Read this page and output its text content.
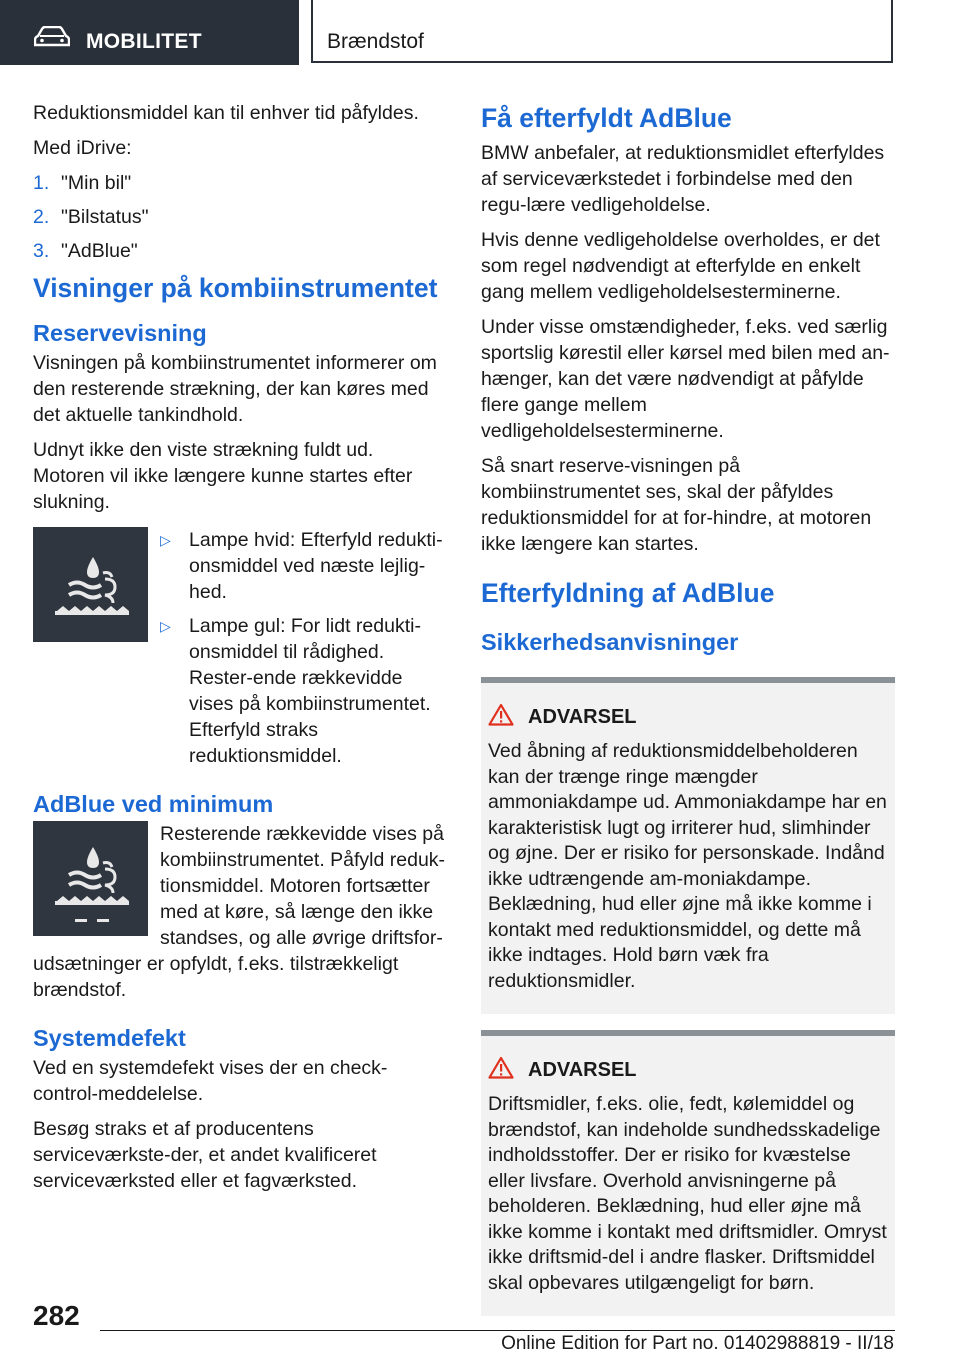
MOBILITET	Brændstof

Reduktionsmiddel kan til enhver tid påfyldes.

Med iDrive:

1. "Min bil"
2. "Bilstatus"
3. "AdBlue"
Visninger på kombiinstrumentet
Reservevisning

Visningen på kombiinstrumentet informerer om den resterende strækning, der kan køres med det aktuelle tankindhold.

Udnyt ikke den viste strækning fuldt ud. Motoren vil ikke længere kunne startes efter slukning.

▷ Lampe hvid: Efterfyld redukti-onsmiddel ved næste lejlig-hed.
▷ Lampe gul: For lidt redukti-onsmiddel til rådighed. Rester-ende rækkevidde vises på kombiinstrumentet. Efterfyld straks reduktionsmiddel.
AdBlue ved minimum

Resterende rækkevidde vises på kombiinstrumentet. Påfyld reduk-tionsmiddel. Motoren fortsætter med at køre, så længe den ikke standses, og alle øvrige driftsfor-udsætninger er opfyldt, f.eks. tilstrækkeligt brændstof.

Systemdefekt

Ved en systemdefekt vises der en check-control-meddelelse.

Besøg straks et af producentens serviceværkste-der, et andet kvalificeret serviceværksted eller et fagværksted.

Få efterfyldt AdBlue

BMW anbefaler, at reduktionsmidlet efterfyldes af serviceværkstedet i forbindelse med den regu-lære vedligeholdelse.

Hvis denne vedligeholdelse overholdes, er det som regel nødvendigt at efterfylde en enkelt gang mellem vedligeholdelsesterminerne.

Under visse omstændigheder, f.eks. ved særlig sportslig kørestil eller kørsel med bilen med an-hænger, kan det være nødvendigt at påfylde flere gange mellem vedligeholdelsesterminerne.

Så snart reserve-visningen på kombiinstrumentet ses, skal der påfyldes reduktionsmiddel for at for-hindre, at motoren ikke længere kan startes.

Efterfyldning af AdBlue
Sikkerhedsanvisninger
ADVARSEL

Ved åbning af reduktionsmiddelbeholderen kan der trænge ringe mængder ammoniakdampe ud. Ammoniakdampe har en karakteristisk lugt og irriterer hud, slimhinder og øjne. Der er risiko for personskade. Indånd ikke udtrængende am-moniakdampe. Beklædning, hud eller øjne må ikke komme i kontakt med reduktionsmiddel, og dette må ikke indtages. Hold børn væk fra reduktionsmidler.

ADVARSEL

Driftsmidler, f.eks. olie, fedt, kølemiddel og brændstof, kan indeholde sundhedsskadelige indholdsstoffer. Der er risiko for kvæstelse eller livsfare. Overhold anvisningerne på beholderen. Beklædning, hud eller øjne må ikke komme i kontakt med driftsmidler. Omryst ikke driftsmid-del i andre flasker. Driftsmiddel skal opbevares utilgængeligt for børn.

282
Online Edition for Part no. 01402988819 - II/18
